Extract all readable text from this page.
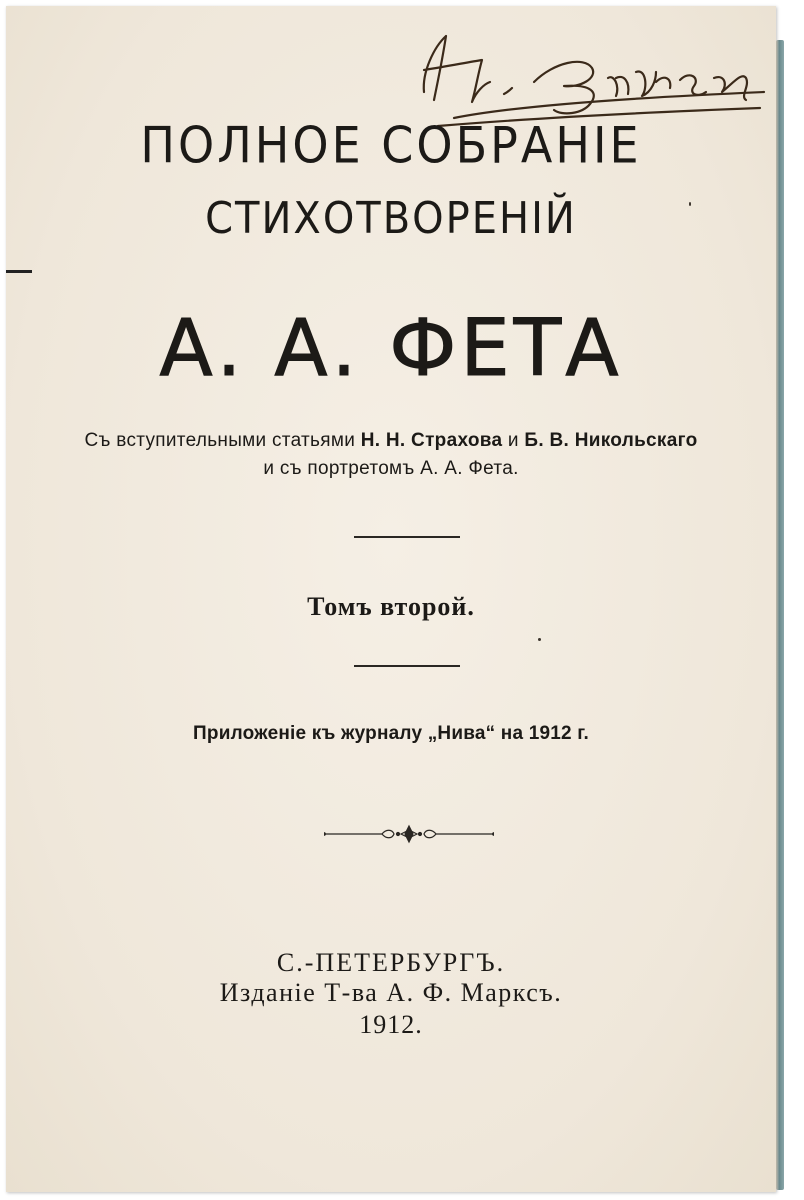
ПОЛНОЕ СОБРАНІЕ
СТИХОТВОРЕНІЙ
А. А. ФЕТА
Съ вступительными статьями Н. Н. Страхова и Б. В. Никольскаго
и съ портретомъ А. А. Фета.
Томъ второй.
Приложеніе къ журналу „Нива“ на 1912 г.
С.-ПЕТЕРБУРГЪ.
Изданіе Т-ва А. Ф. Марксъ.
1912.
